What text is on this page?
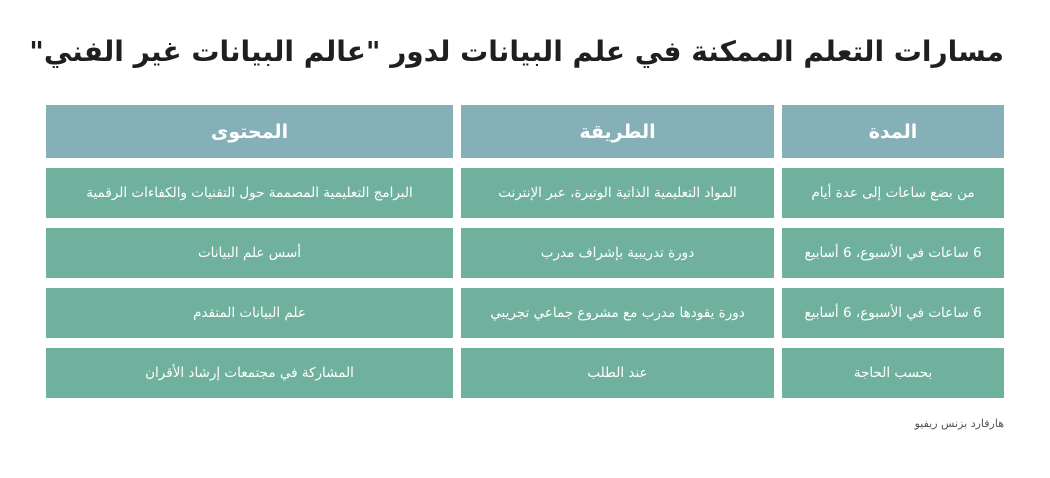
مسارات التعلم الممكنة في علم البيانات لدور "عالم البيانات غير الفني"
المدة
الطريقة
المحتوى
من بضع ساعات إلى عدة أيام
المواد التعليمية الذاتية الوتيرة، عبر الإنترنت
البرامج التعليمية المصممة حول التقنيات والكفاءات الرقمية
6 ساعات في الأسبوع، 6 أسابيع
دورة تدريبية بإشراف مدرب
أسس علم البيانات
6 ساعات في الأسبوع، 6 أسابيع
دورة يقودها مدرب مع مشروع جماعي تجريبي
علم البيانات المتقدم
بحسب الحاجة
عند الطلب
المشاركة في مجتمعات إرشاد الأقران
هارفارد بزنس ريفيو
